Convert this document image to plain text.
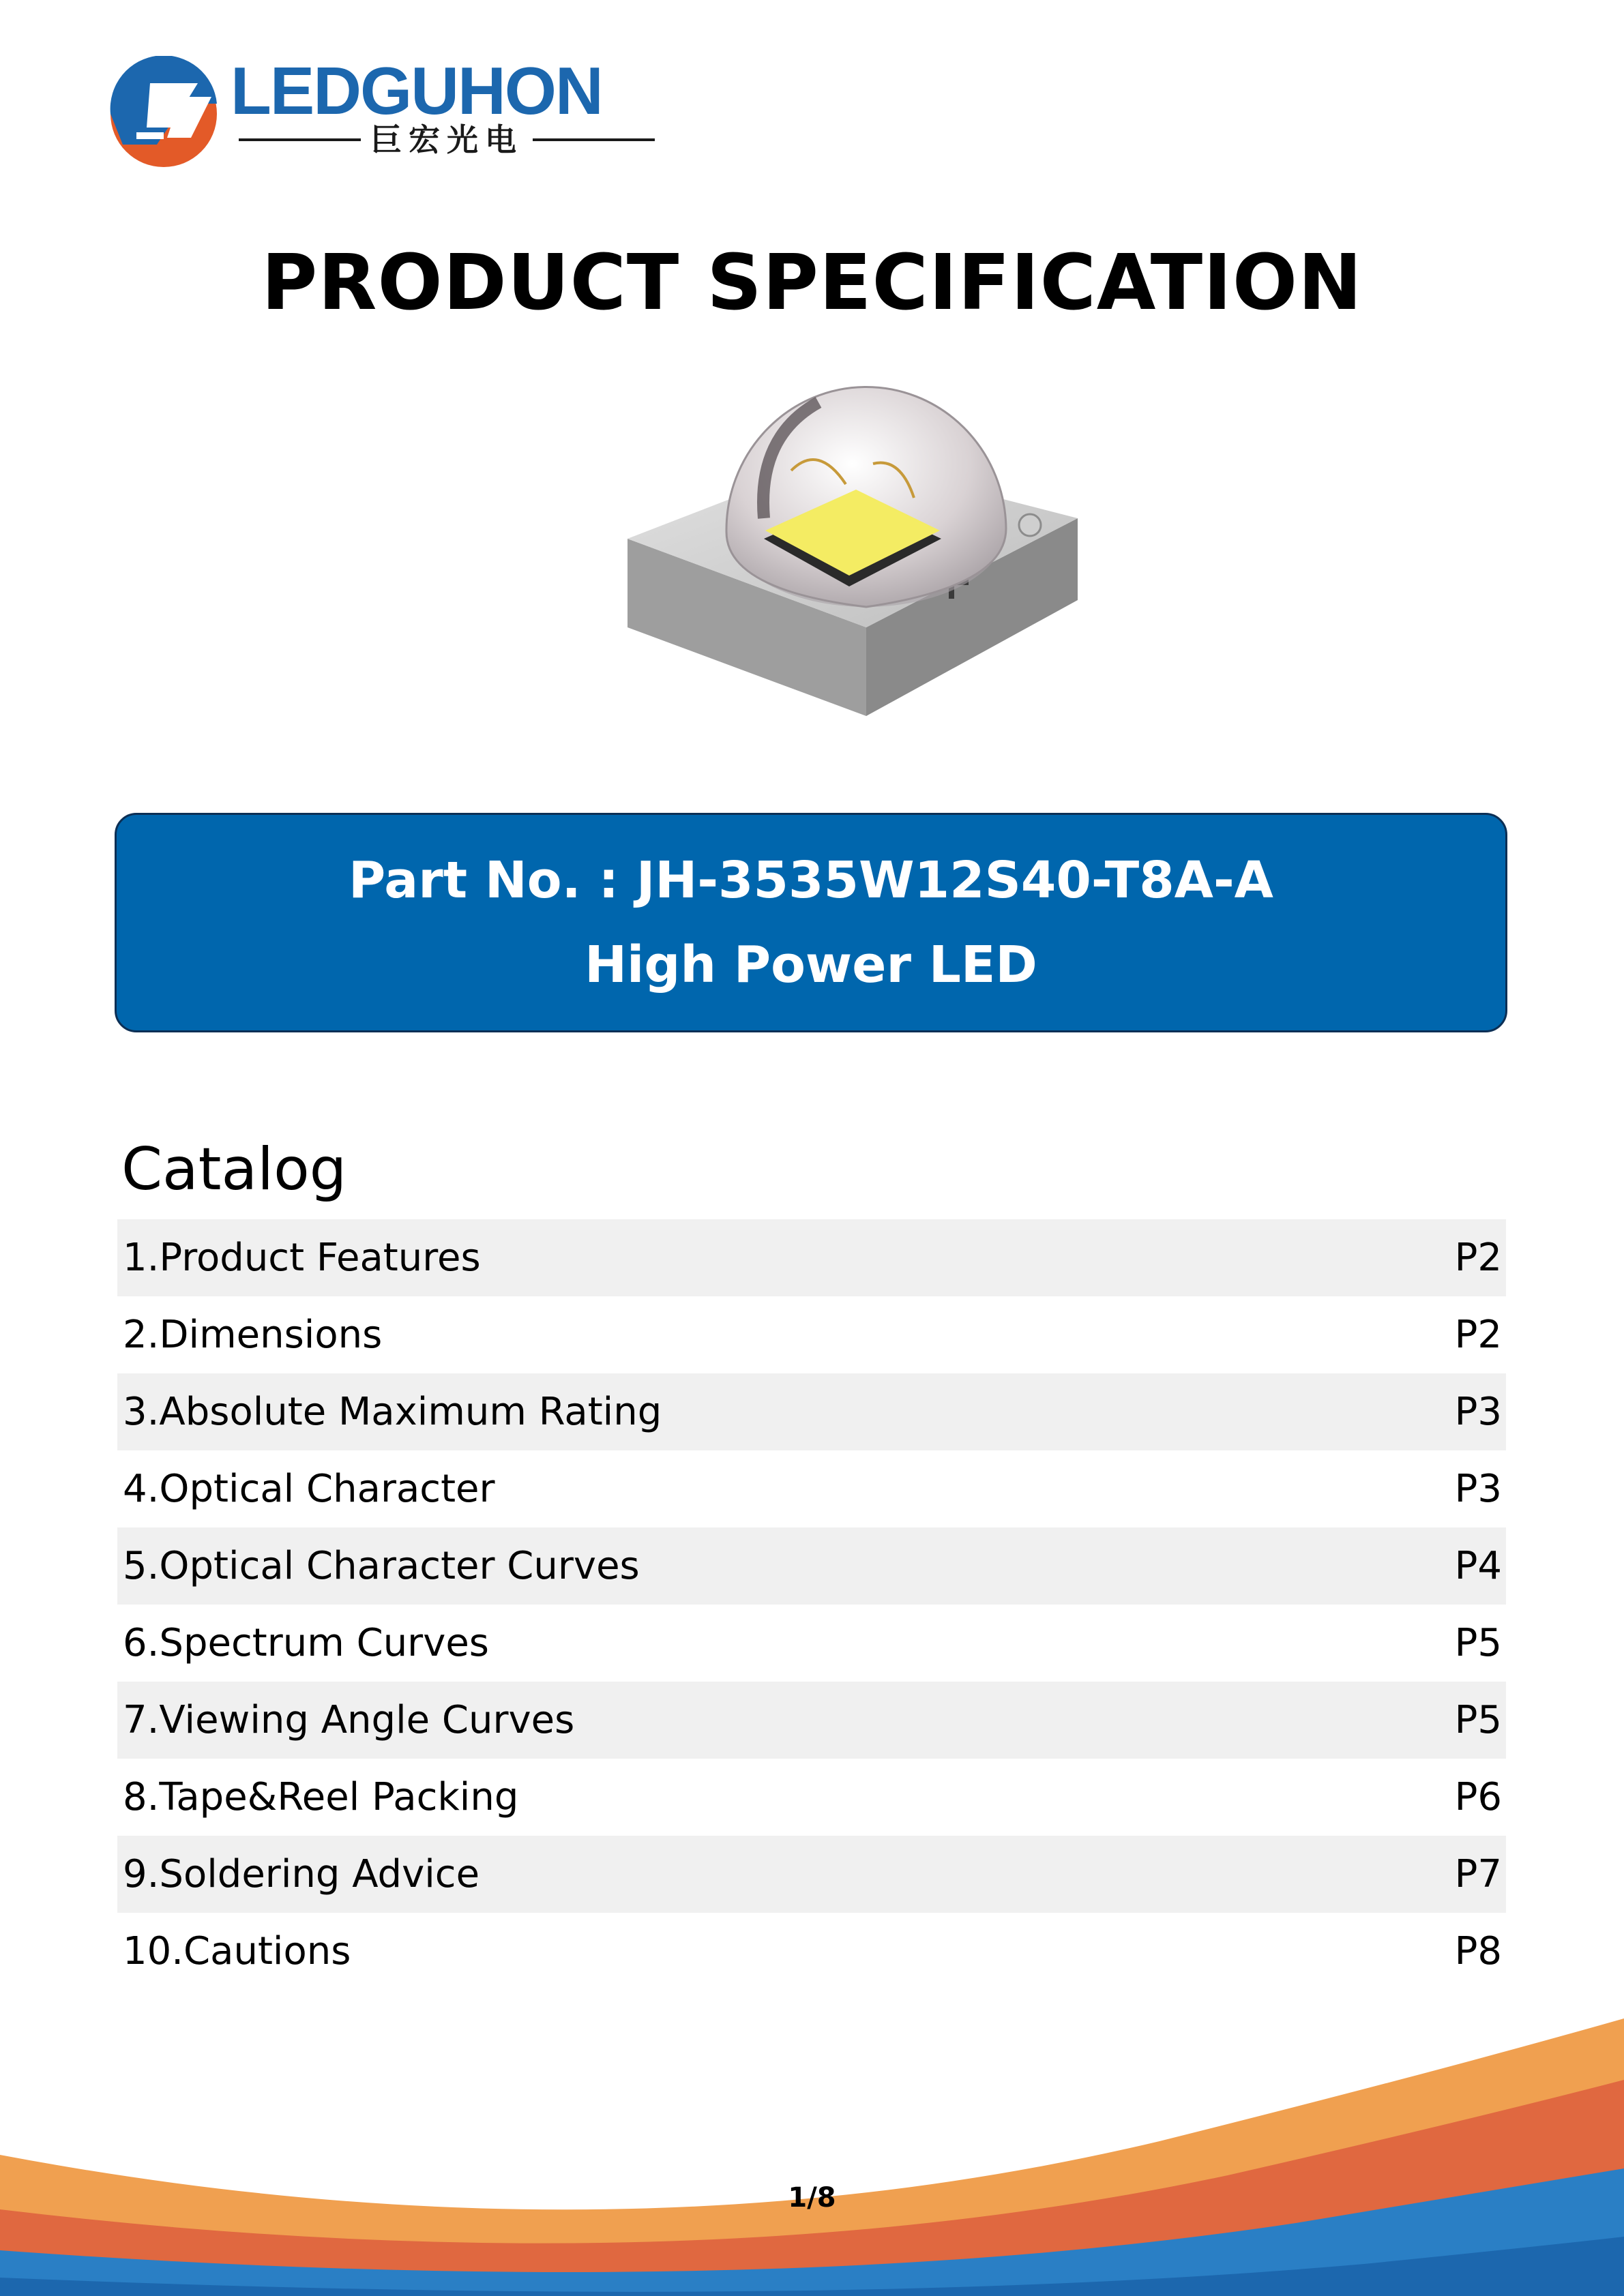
LEDGUHON
巨宏光电
PRODUCT SPECIFICATION
Part No. : JH-3535W12S40-T8A-A
High Power LED
Catalog
1.Product Features	P2
2.Dimensions	P2
3.Absolute Maximum Rating	P3
4.Optical Character	P3
5.Optical Character Curves	P4
6.Spectrum Curves	P5
7.Viewing Angle Curves	P5
8.Tape&Reel Packing	P6
9.Soldering Advice	P7
10.Cautions	P8
1/8
